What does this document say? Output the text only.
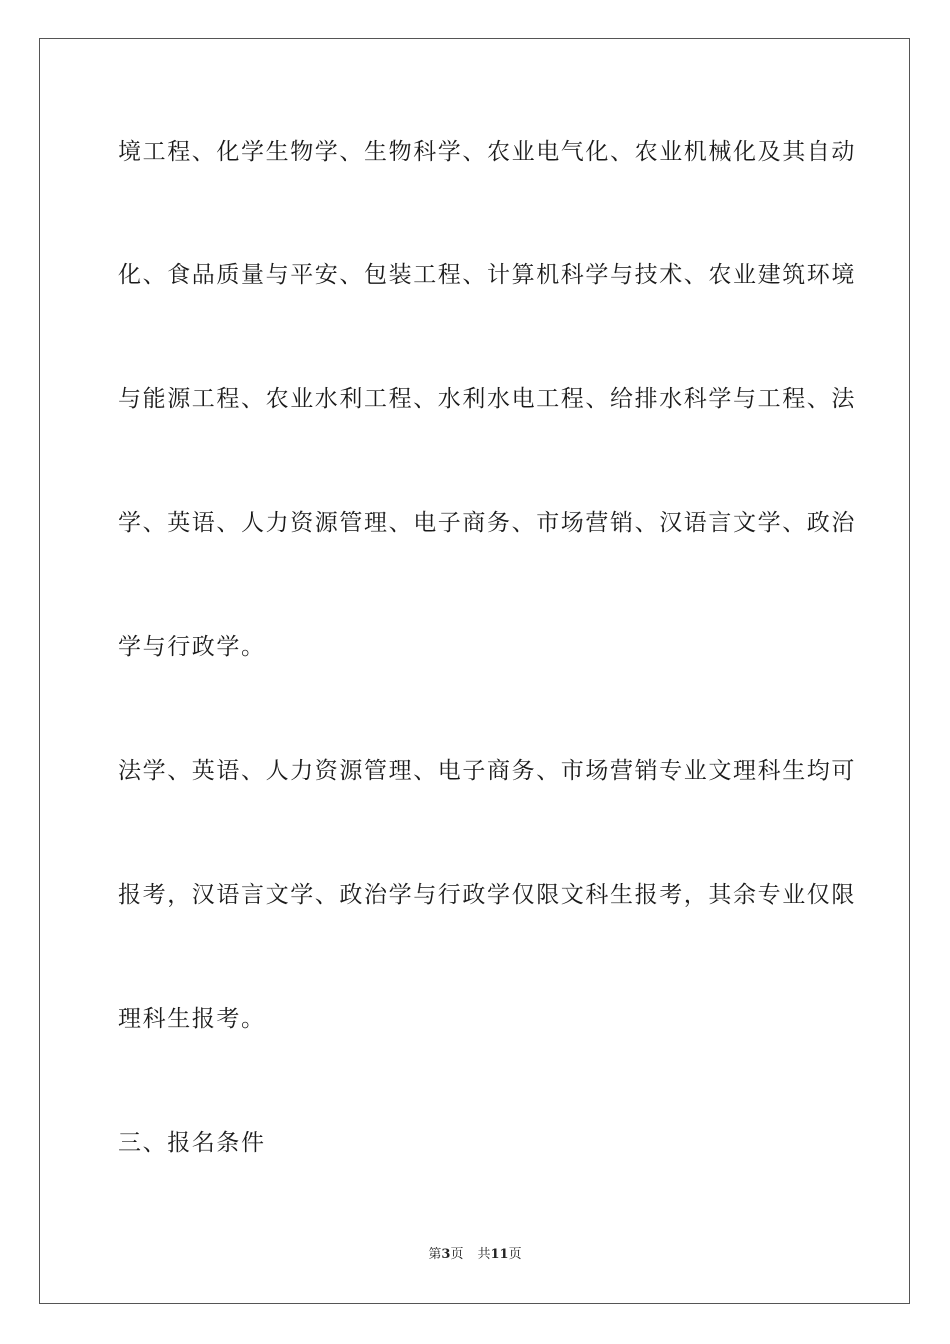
境工程、化学生物学、生物科学、农业电气化、农业机械化及其自动
化、食品质量与平安、包装工程、计算机科学与技术、农业建筑环境
与能源工程、农业水利工程、水利水电工程、给排水科学与工程、法
学、英语、人力资源管理、电子商务、市场营销、汉语言文学、政治
学与行政学。
法学、英语、人力资源管理、电子商务、市场营销专业文理科生均可
报考，汉语言文学、政治学与行政学仅限文科生报考，其余专业仅限
理科生报考。
三、报名条件
第3页 共11页
